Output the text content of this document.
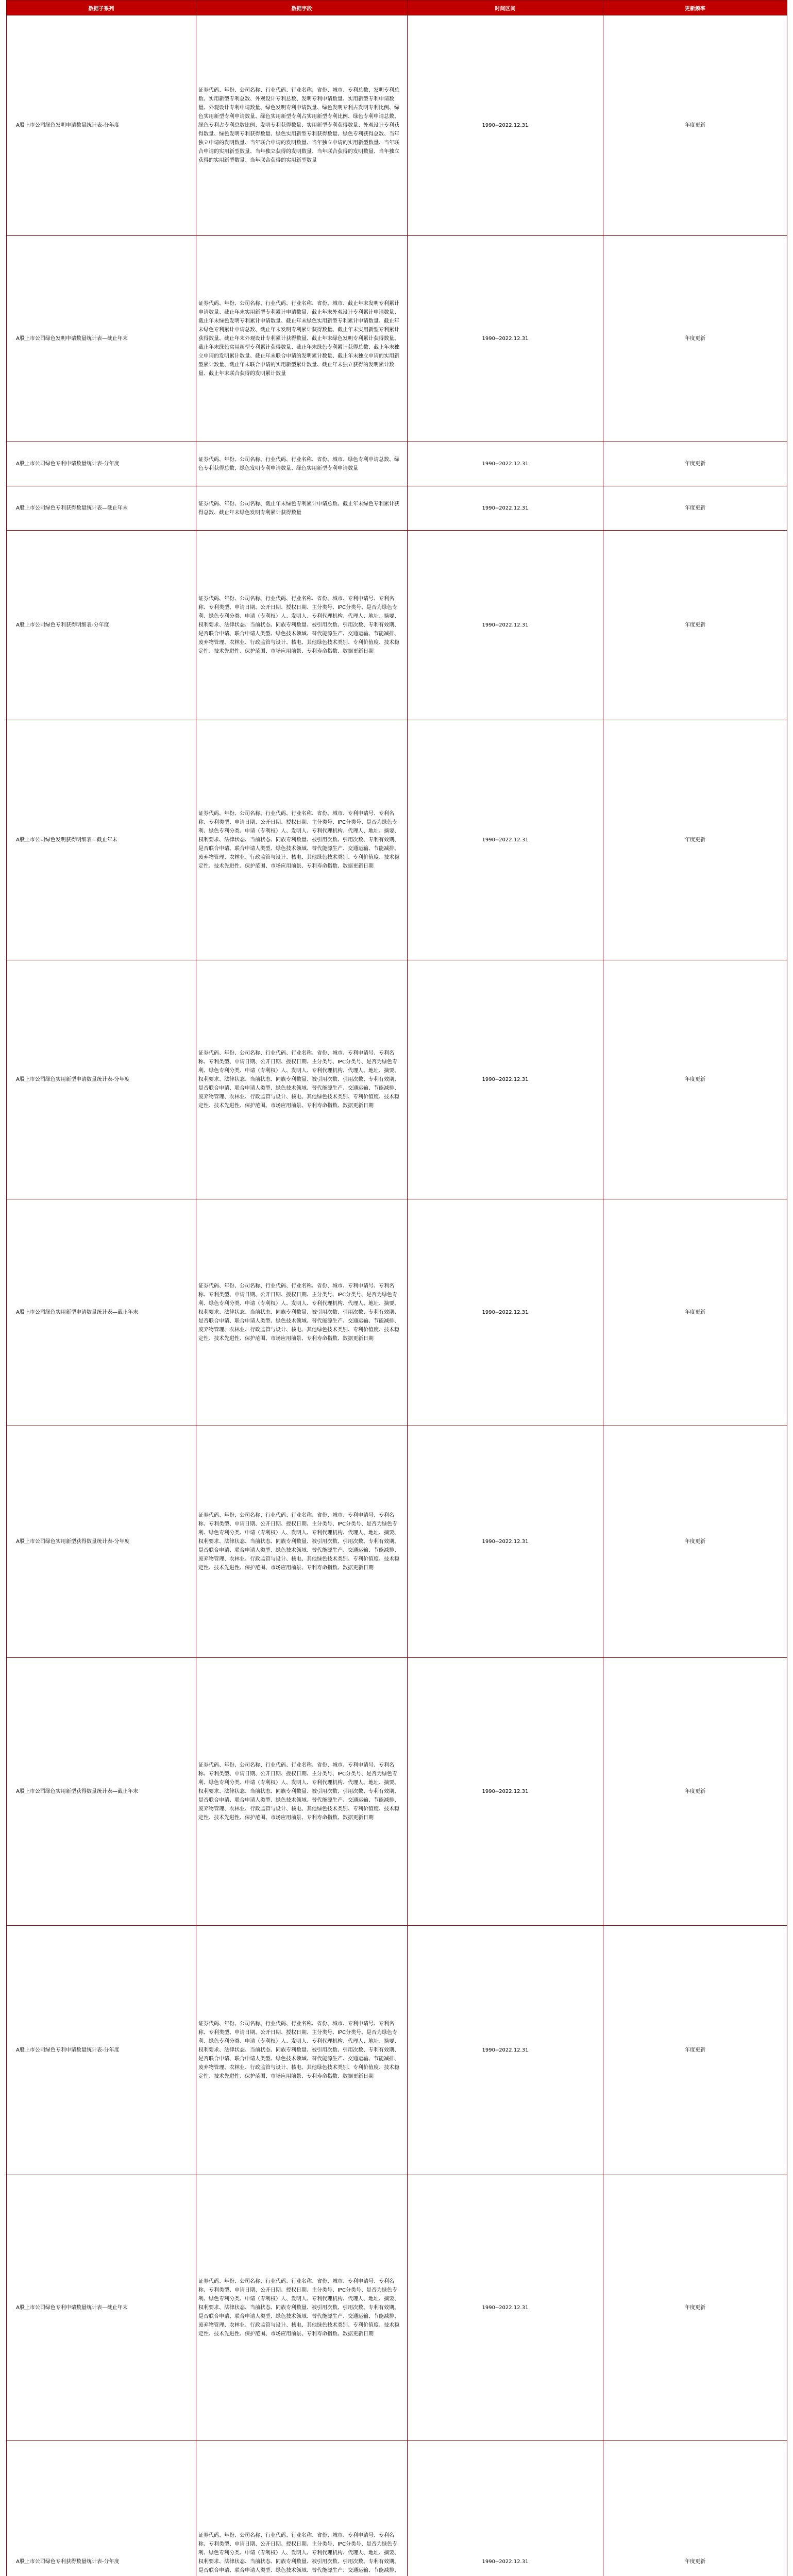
数据子系列	数据字段	时间区间	更新频率
A股上市公司绿色发明申请数量统计表-分年度	证券代码、年份、公司名称、行业代码、行业名称、省份、城市、专利总数、发明专利总数、实用新型专利总数、外观设计专利总数、发明专利申请数量、实用新型专利申请数量、外观设计专利申请数量、绿色发明专利申请数量、绿色发明专利占发明专利比例、绿色实用新型专利申请数量、绿色实用新型专利占实用新型专利比例、绿色专利申请总数、绿色专利占专利总数比例、发明专利获得数量、实用新型专利获得数量、外观设计专利获得数量、绿色发明专利获得数量、绿色实用新型专利获得数量、绿色专利获得总数、当年独立申请的发明数量、当年联合申请的发明数量、当年独立申请的实用新型数量、当年联合申请的实用新型数量、当年独立获得的发明数量、当年联合获得的发明数量、当年独立获得的实用新型数量、当年联合获得的实用新型数量	1990--2022.12.31	年度更新
A股上市公司绿色发明申请数量统计表—截止年末	证券代码、年份、公司名称、行业代码、行业名称、省份、城市、截止年末发明专利累计申请数量、截止年末实用新型专利累计申请数量、截止年末外观设计专利累计申请数量、截止年末绿色发明专利累计申请数量、截止年末绿色实用新型专利累计申请数量、截止年末绿色专利累计申请总数、截止年末发明专利累计获得数量、截止年末实用新型专利累计获得数量、截止年末外观设计专利累计获得数量、截止年末绿色发明专利累计获得数量、截止年末绿色实用新型专利累计获得数量、截止年末绿色专利累计获得总数、截止年末独立申请的发明累计数量、截止年末联合申请的发明累计数量、截止年末独立申请的实用新型累计数量、截止年末联合申请的实用新型累计数量、截止年末独立获得的发明累计数量、截止年末联合获得的发明累计数量	1990--2022.12.31	年度更新
A股上市公司绿色专利申请数量统计表-分年度	证券代码、年份、公司名称、行业代码、行业名称、省份、城市、绿色专利申请总数、绿色专利获得总数、绿色发明专利申请数量、绿色实用新型专利申请数量	1990--2022.12.31	年度更新
A股上市公司绿色专利获得数量统计表—截止年末	证券代码、年份、公司名称、截止年末绿色专利累计申请总数、截止年末绿色专利累计获得总数、截止年末绿色发明专利累计获得数量	1990--2022.12.31	年度更新
A股上市公司绿色专利获得明细表-分年度	证券代码、年份、公司名称、行业代码、行业名称、省份、城市、专利申请号、专利名称、专利类型、申请日期、公开日期、授权日期、主分类号、IPC分类号、是否为绿色专利、绿色专利分类、申请（专利权）人、发明人、专利代理机构、代理人、地址、摘要、权利要求、法律状态、当前状态、同族专利数量、被引用次数、引用次数、专利有效期、是否联合申请、联合申请人类型、绿色技术领域、替代能源生产、交通运输、节能减排、废弃物管理、农林业、行政监管与设计、核电、其他绿色技术类别、专利价值度、技术稳定性、技术先进性、保护范围、市场应用前景、专利寿命指数、数据更新日期	1990--2022.12.31	年度更新
A股上市公司绿色发明获得明细表—截止年末	证券代码、年份、公司名称、行业代码、行业名称、省份、城市、专利申请号、专利名称、专利类型、申请日期、公开日期、授权日期、主分类号、IPC分类号、是否为绿色专利、绿色专利分类、申请（专利权）人、发明人、专利代理机构、代理人、地址、摘要、权利要求、法律状态、当前状态、同族专利数量、被引用次数、引用次数、专利有效期、是否联合申请、联合申请人类型、绿色技术领域、替代能源生产、交通运输、节能减排、废弃物管理、农林业、行政监管与设计、核电、其他绿色技术类别、专利价值度、技术稳定性、技术先进性、保护范围、市场应用前景、专利寿命指数、数据更新日期	1990--2022.12.31	年度更新
A股上市公司绿色实用新型申请数量统计表-分年度	证券代码、年份、公司名称、行业代码、行业名称、省份、城市、专利申请号、专利名称、专利类型、申请日期、公开日期、授权日期、主分类号、IPC分类号、是否为绿色专利、绿色专利分类、申请（专利权）人、发明人、专利代理机构、代理人、地址、摘要、权利要求、法律状态、当前状态、同族专利数量、被引用次数、引用次数、专利有效期、是否联合申请、联合申请人类型、绿色技术领域、替代能源生产、交通运输、节能减排、废弃物管理、农林业、行政监管与设计、核电、其他绿色技术类别、专利价值度、技术稳定性、技术先进性、保护范围、市场应用前景、专利寿命指数、数据更新日期	1990--2022.12.31	年度更新
A股上市公司绿色实用新型申请数量统计表—截止年末	证券代码、年份、公司名称、行业代码、行业名称、省份、城市、专利申请号、专利名称、专利类型、申请日期、公开日期、授权日期、主分类号、IPC分类号、是否为绿色专利、绿色专利分类、申请（专利权）人、发明人、专利代理机构、代理人、地址、摘要、权利要求、法律状态、当前状态、同族专利数量、被引用次数、引用次数、专利有效期、是否联合申请、联合申请人类型、绿色技术领域、替代能源生产、交通运输、节能减排、废弃物管理、农林业、行政监管与设计、核电、其他绿色技术类别、专利价值度、技术稳定性、技术先进性、保护范围、市场应用前景、专利寿命指数、数据更新日期	1990--2022.12.31	年度更新
A股上市公司绿色实用新型获得数量统计表-分年度	证券代码、年份、公司名称、行业代码、行业名称、省份、城市、专利申请号、专利名称、专利类型、申请日期、公开日期、授权日期、主分类号、IPC分类号、是否为绿色专利、绿色专利分类、申请（专利权）人、发明人、专利代理机构、代理人、地址、摘要、权利要求、法律状态、当前状态、同族专利数量、被引用次数、引用次数、专利有效期、是否联合申请、联合申请人类型、绿色技术领域、替代能源生产、交通运输、节能减排、废弃物管理、农林业、行政监管与设计、核电、其他绿色技术类别、专利价值度、技术稳定性、技术先进性、保护范围、市场应用前景、专利寿命指数、数据更新日期	1990--2022.12.31	年度更新
A股上市公司绿色实用新型获得数量统计表—截止年末	证券代码、年份、公司名称、行业代码、行业名称、省份、城市、专利申请号、专利名称、专利类型、申请日期、公开日期、授权日期、主分类号、IPC分类号、是否为绿色专利、绿色专利分类、申请（专利权）人、发明人、专利代理机构、代理人、地址、摘要、权利要求、法律状态、当前状态、同族专利数量、被引用次数、引用次数、专利有效期、是否联合申请、联合申请人类型、绿色技术领域、替代能源生产、交通运输、节能减排、废弃物管理、农林业、行政监管与设计、核电、其他绿色技术类别、专利价值度、技术稳定性、技术先进性、保护范围、市场应用前景、专利寿命指数、数据更新日期	1990--2022.12.31	年度更新
A股上市公司绿色专利申请数量统计表-分年度	证券代码、年份、公司名称、行业代码、行业名称、省份、城市、专利申请号、专利名称、专利类型、申请日期、公开日期、授权日期、主分类号、IPC分类号、是否为绿色专利、绿色专利分类、申请（专利权）人、发明人、专利代理机构、代理人、地址、摘要、权利要求、法律状态、当前状态、同族专利数量、被引用次数、引用次数、专利有效期、是否联合申请、联合申请人类型、绿色技术领域、替代能源生产、交通运输、节能减排、废弃物管理、农林业、行政监管与设计、核电、其他绿色技术类别、专利价值度、技术稳定性、技术先进性、保护范围、市场应用前景、专利寿命指数、数据更新日期	1990--2022.12.31	年度更新
A股上市公司绿色专利申请数量统计表—截止年末	证券代码、年份、公司名称、行业代码、行业名称、省份、城市、专利申请号、专利名称、专利类型、申请日期、公开日期、授权日期、主分类号、IPC分类号、是否为绿色专利、绿色专利分类、申请（专利权）人、发明人、专利代理机构、代理人、地址、摘要、权利要求、法律状态、当前状态、同族专利数量、被引用次数、引用次数、专利有效期、是否联合申请、联合申请人类型、绿色技术领域、替代能源生产、交通运输、节能减排、废弃物管理、农林业、行政监管与设计、核电、其他绿色技术类别、专利价值度、技术稳定性、技术先进性、保护范围、市场应用前景、专利寿命指数、数据更新日期	1990--2022.12.31	年度更新
A股上市公司绿色专利获得数量统计表-分年度	证券代码、年份、公司名称、行业代码、行业名称、省份、城市、专利申请号、专利名称、专利类型、申请日期、公开日期、授权日期、主分类号、IPC分类号、是否为绿色专利、绿色专利分类、申请（专利权）人、发明人、专利代理机构、代理人、地址、摘要、权利要求、法律状态、当前状态、同族专利数量、被引用次数、引用次数、专利有效期、是否联合申请、联合申请人类型、绿色技术领域、替代能源生产、交通运输、节能减排、	1990--2022.12.31	年度更新
